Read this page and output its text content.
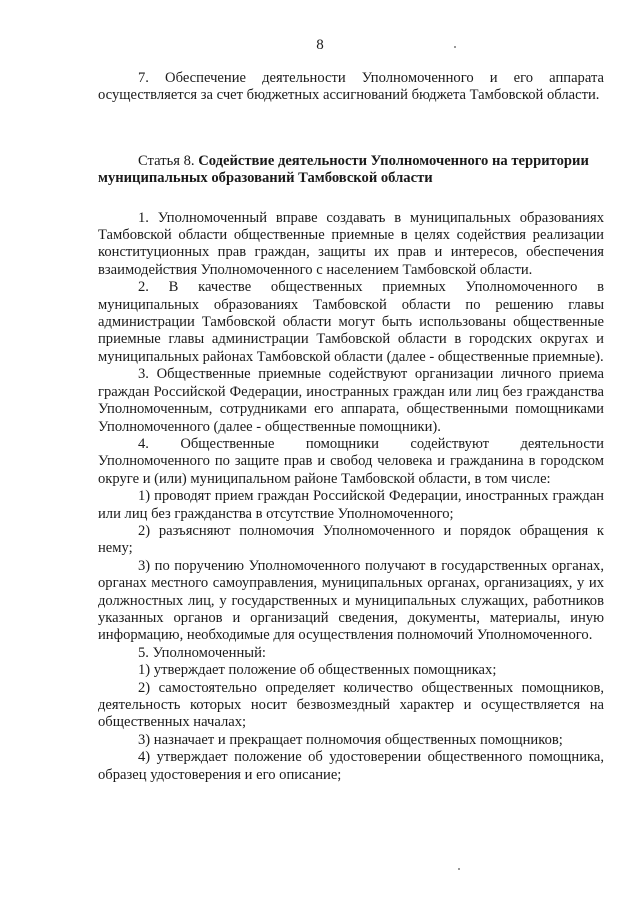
8

7. Обеспечение деятельности Уполномоченного и его аппарата осуществляется за счет бюджетных ассигнований бюджета Тамбовской области.

Статья 8. Содействие деятельности Уполномоченного на территории муниципальных образований Тамбовской области

1. Уполномоченный вправе создавать в муниципальных образованиях Тамбовской области общественные приемные в целях содействия реализации конституционных прав граждан, защиты их прав и интересов, обеспечения взаимодействия Уполномоченного с населением Тамбовской области.

2. В качестве общественных приемных Уполномоченного в муниципальных образованиях Тамбовской области по решению главы администрации Тамбовской области могут быть использованы общественные приемные главы администрации Тамбовской области в городских округах и муниципальных районах Тамбовской области (далее - общественные приемные).

3. Общественные приемные содействуют организации личного приема граждан Российской Федерации, иностранных граждан или лиц без гражданства Уполномоченным, сотрудниками его аппарата, общественными помощниками Уполномоченного (далее - общественные помощники).

4. Общественные помощники содействуют деятельности Уполномоченного по защите прав и свобод человека и гражданина в городском округе и (или) муниципальном районе Тамбовской области, в том числе:

1) проводят прием граждан Российской Федерации, иностранных граждан или лиц без гражданства в отсутствие Уполномоченного;

2) разъясняют полномочия Уполномоченного и порядок обращения к нему;

3) по поручению Уполномоченного получают в государственных органах, органах местного самоуправления, муниципальных органах, организациях, у их должностных лиц, у государственных и муниципальных служащих, работников указанных органов и организаций сведения, документы, материалы, иную информацию, необходимые для осуществления полномочий Уполномоченного.

5. Уполномоченный:

1) утверждает положение об общественных помощниках;

2) самостоятельно определяет количество общественных помощников, деятельность которых носит безвозмездный характер и осуществляется на общественных началах;

3) назначает и прекращает полномочия общественных помощников;

4) утверждает положение об удостоверении общественного помощника, образец удостоверения и его описание;
